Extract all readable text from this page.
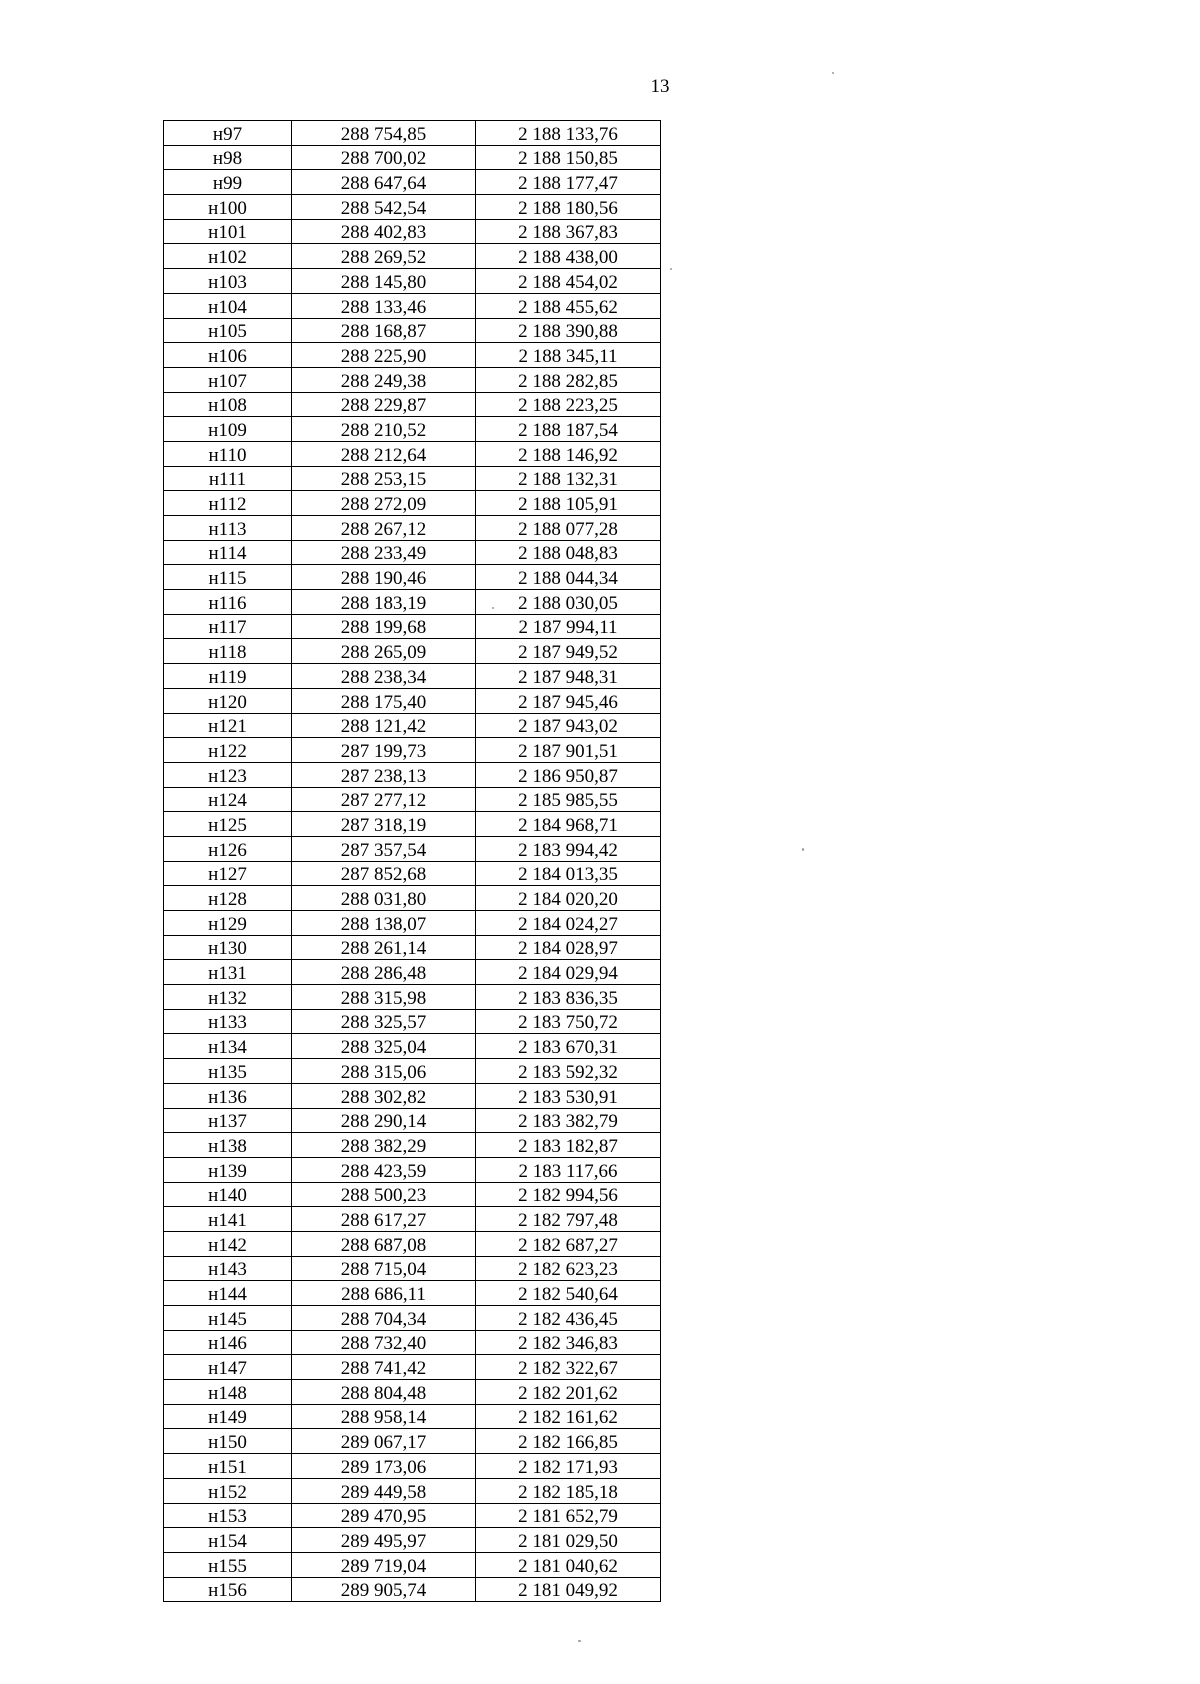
13
н97	288 754,85	2 188 133,76
н98	288 700,02	2 188 150,85
н99	288 647,64	2 188 177,47
н100	288 542,54	2 188 180,56
н101	288 402,83	2 188 367,83
н102	288 269,52	2 188 438,00
н103	288 145,80	2 188 454,02
н104	288 133,46	2 188 455,62
н105	288 168,87	2 188 390,88
н106	288 225,90	2 188 345,11
н107	288 249,38	2 188 282,85
н108	288 229,87	2 188 223,25
н109	288 210,52	2 188 187,54
н110	288 212,64	2 188 146,92
н111	288 253,15	2 188 132,31
н112	288 272,09	2 188 105,91
н113	288 267,12	2 188 077,28
н114	288 233,49	2 188 048,83
н115	288 190,46	2 188 044,34
н116	288 183,19	2 188 030,05
н117	288 199,68	2 187 994,11
н118	288 265,09	2 187 949,52
н119	288 238,34	2 187 948,31
н120	288 175,40	2 187 945,46
н121	288 121,42	2 187 943,02
н122	287 199,73	2 187 901,51
н123	287 238,13	2 186 950,87
н124	287 277,12	2 185 985,55
н125	287 318,19	2 184 968,71
н126	287 357,54	2 183 994,42
н127	287 852,68	2 184 013,35
н128	288 031,80	2 184 020,20
н129	288 138,07	2 184 024,27
н130	288 261,14	2 184 028,97
н131	288 286,48	2 184 029,94
н132	288 315,98	2 183 836,35
н133	288 325,57	2 183 750,72
н134	288 325,04	2 183 670,31
н135	288 315,06	2 183 592,32
н136	288 302,82	2 183 530,91
н137	288 290,14	2 183 382,79
н138	288 382,29	2 183 182,87
н139	288 423,59	2 183 117,66
н140	288 500,23	2 182 994,56
н141	288 617,27	2 182 797,48
н142	288 687,08	2 182 687,27
н143	288 715,04	2 182 623,23
н144	288 686,11	2 182 540,64
н145	288 704,34	2 182 436,45
н146	288 732,40	2 182 346,83
н147	288 741,42	2 182 322,67
н148	288 804,48	2 182 201,62
н149	288 958,14	2 182 161,62
н150	289 067,17	2 182 166,85
н151	289 173,06	2 182 171,93
н152	289 449,58	2 182 185,18
н153	289 470,95	2 181 652,79
н154	289 495,97	2 181 029,50
н155	289 719,04	2 181 040,62
н156	289 905,74	2 181 049,92
